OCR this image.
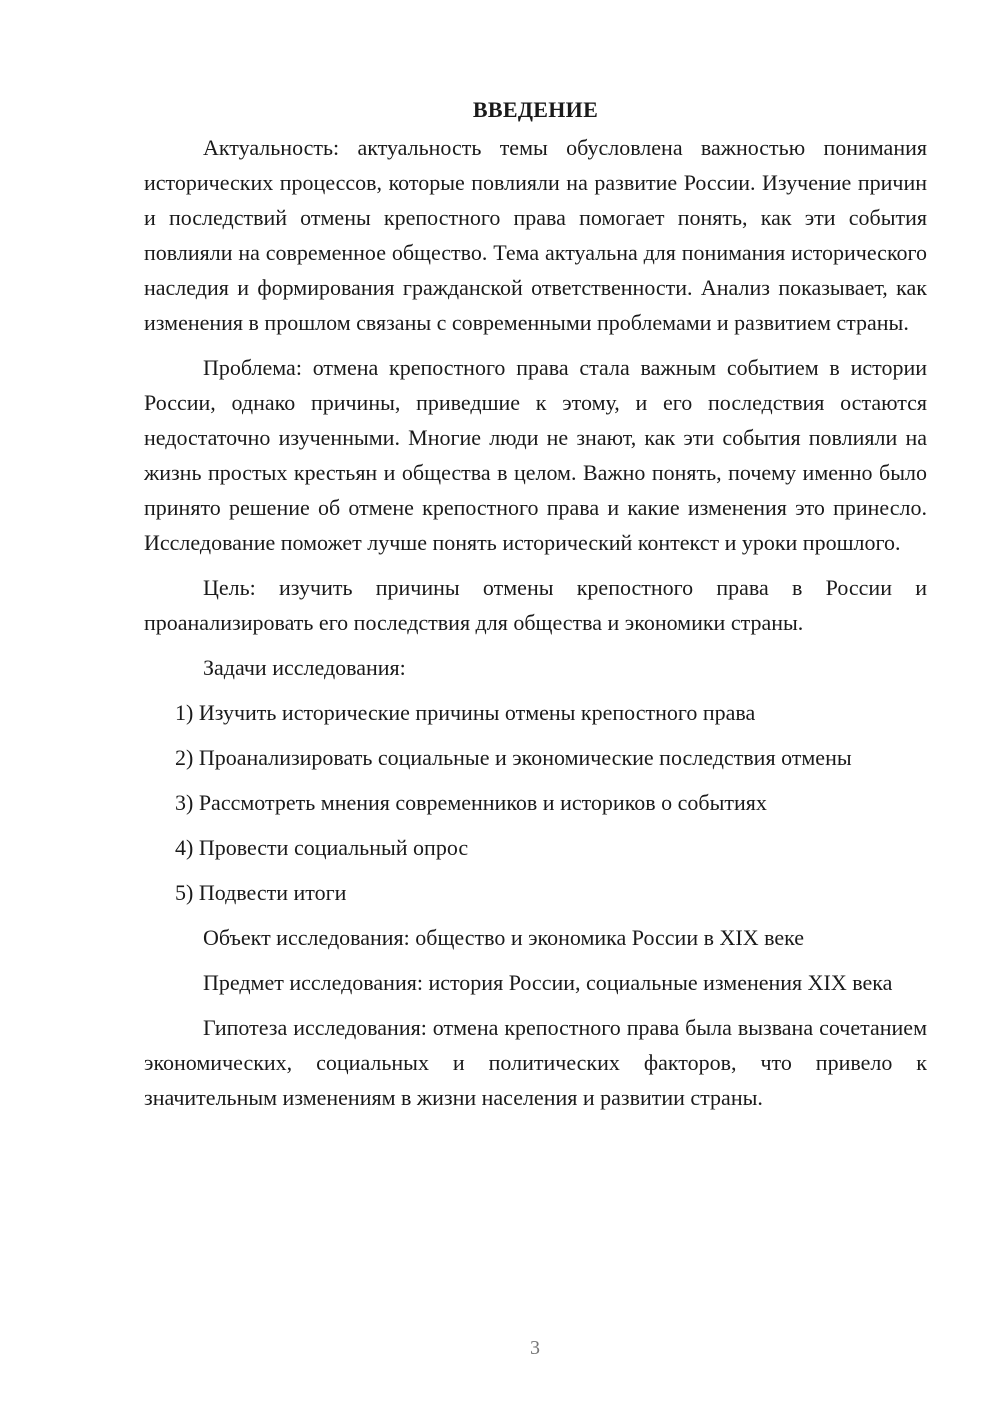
ВВЕДЕНИЕ

Актуальность: актуальность темы обусловлена важностью понимания исторических процессов, которые повлияли на развитие России. Изучение причин и последствий отмены крепостного права помогает понять, как эти события повлияли на современное общество. Тема актуальна для понимания исторического наследия и формирования гражданской ответственности. Анализ показывает, как изменения в прошлом связаны с современными проблемами и развитием страны.

Проблема: отмена крепостного права стала важным событием в истории России, однако причины, приведшие к этому, и его последствия остаются недостаточно изученными. Многие люди не знают, как эти события повлияли на жизнь простых крестьян и общества в целом. Важно понять, почему именно было принято решение об отмене крепостного права и какие изменения это принесло. Исследование поможет лучше понять исторический контекст и уроки прошлого.

Цель: изучить причины отмены крепостного права в России и проанализировать его последствия для общества и экономики страны.

Задачи исследования:

1) Изучить исторические причины отмены крепостного права

2) Проанализировать социальные и экономические последствия отмены

3) Рассмотреть мнения современников и историков о событиях

4) Провести социальный опрос

5) Подвести итоги

Объект исследования: общество и экономика России в XIX веке

Предмет исследования: история России, социальные изменения XIX века

Гипотеза исследования: отмена крепостного права была вызвана сочетанием экономических, социальных и политических факторов, что привело к значительным изменениям в жизни населения и развитии страны.

3
